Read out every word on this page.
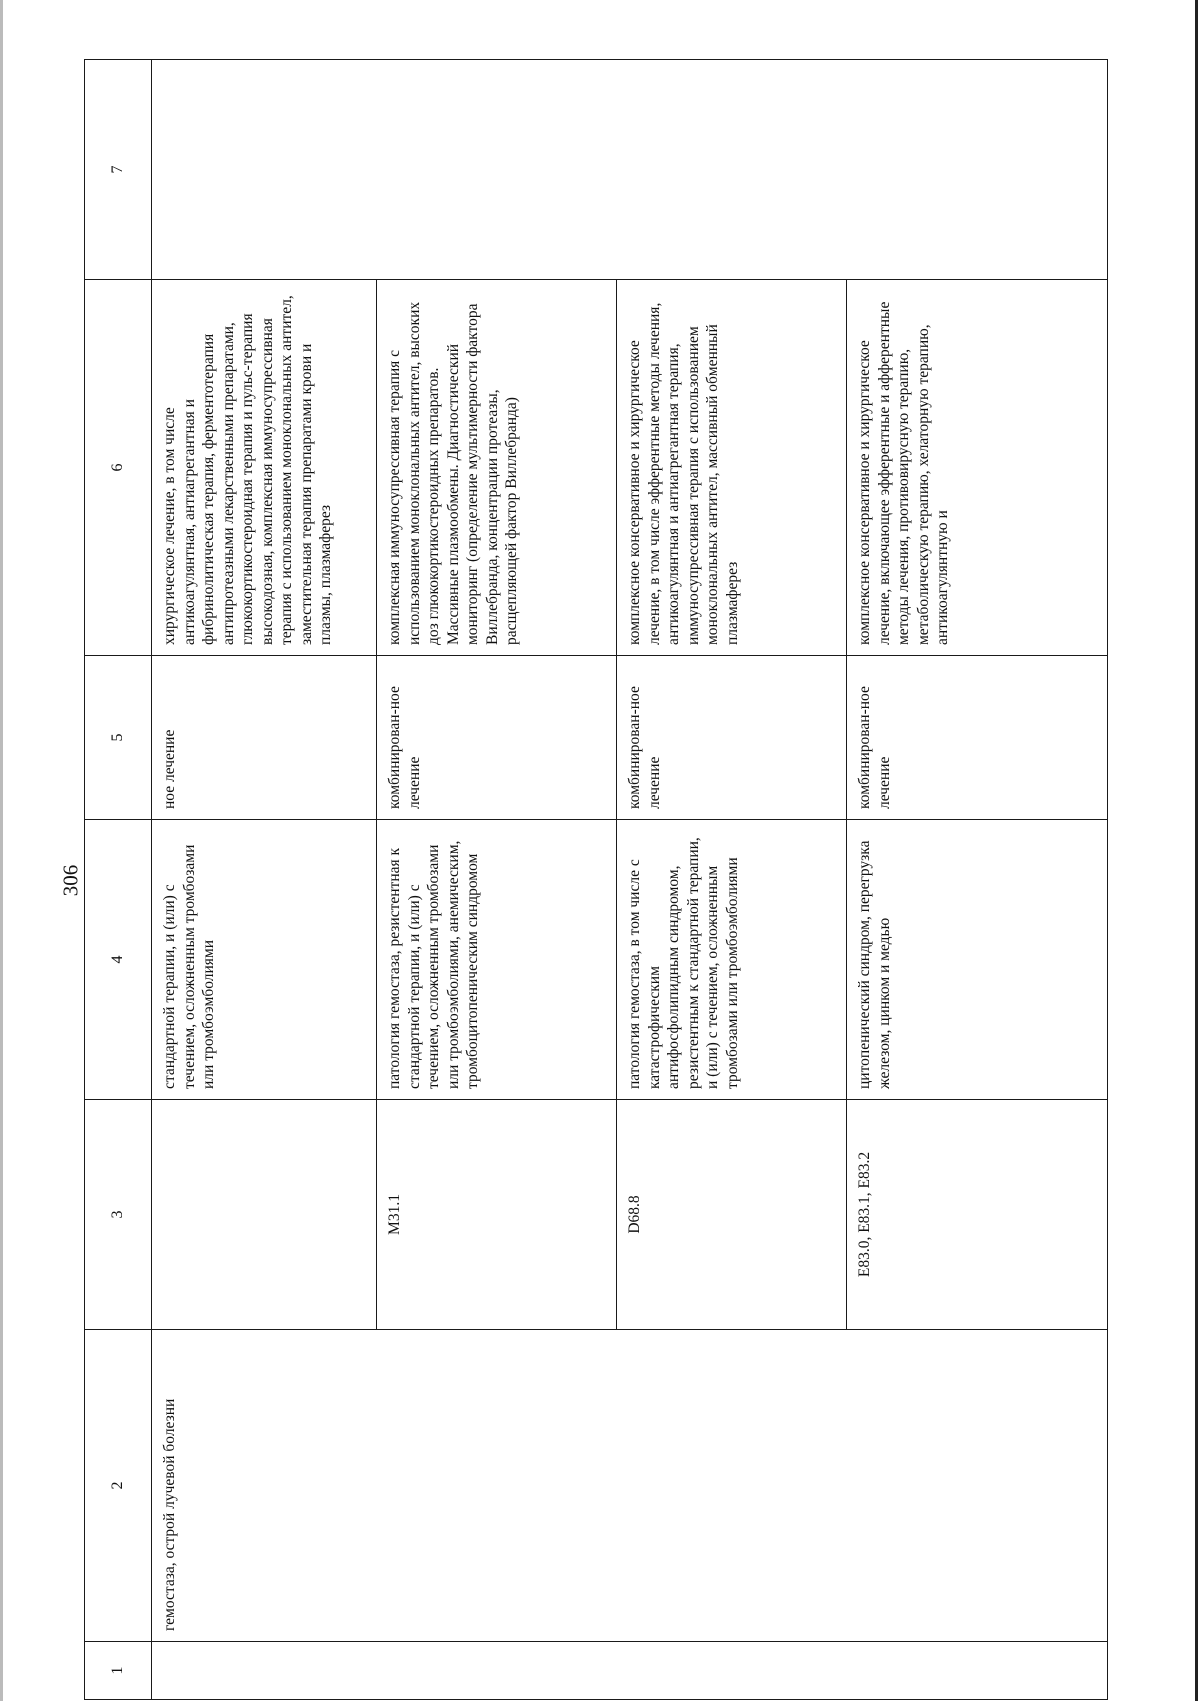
306
1	2	3	4	5	6	7
	гемостаза, острой лучевой болезни		стандартной терапии, и (или) с течением, осложненным тромбозами или тромбоэмболиями	ное лечение	хирургическое лечение, в том числе антикоагулянтная, антиагрегантная и фибринолитическая терапия, ферментотерапия антипротеазными лекарственными препаратами, глюкокортикостероидная терапия и пульс-терапия высокодозная, комплексная иммуносупрессивная терапия с использованием моноклональных антител, заместительная терапия препаратами крови и плазмы, плазмаферез	
		M31.1	патология гемостаза, резистентная к стандартной терапии, и (или) с течением, осложненным тромбозами или тромбоэмболиями, анемическим, тромбоцитопеническим синдромом	комбинирован-ное лечение	комплексная иммуносупрессивная терапия с использованием моноклональных антител, высоких доз глюкокортикостероидных препаратов. Массивные плазмообмены. Диагностический мониторинг (определение мультимерности фактора Виллебранда, концентрации протеазы, расщепляющей фактор Виллебранда)	
		D68.8	патология гемостаза, в том числе с катастрофическим антифосфолипидным синдромом, резистентным к стандартной терапии, и (или) с течением, осложненным тромбозами или тромбоэмболиями	комбинирован-ное лечение	комплексное консервативное и хирургическое лечение, в том числе эфферентные методы лечения, антикоагулянтная и антиагрегантная терапия, иммуносупрессивная терапия с использованием моноклональных антител, массивный обменный плазмаферез	
		E83.0, E83.1, E83.2	цитопенический синдром, перегрузка железом, цинком и медью	комбинирован-ное лечение	комплексное консервативное и хирургическое лечение, включающее эфферентные и афферентные методы лечения, противовирусную терапию, метаболическую терапию, хелаторную терапию, антикоагулянтную и	
